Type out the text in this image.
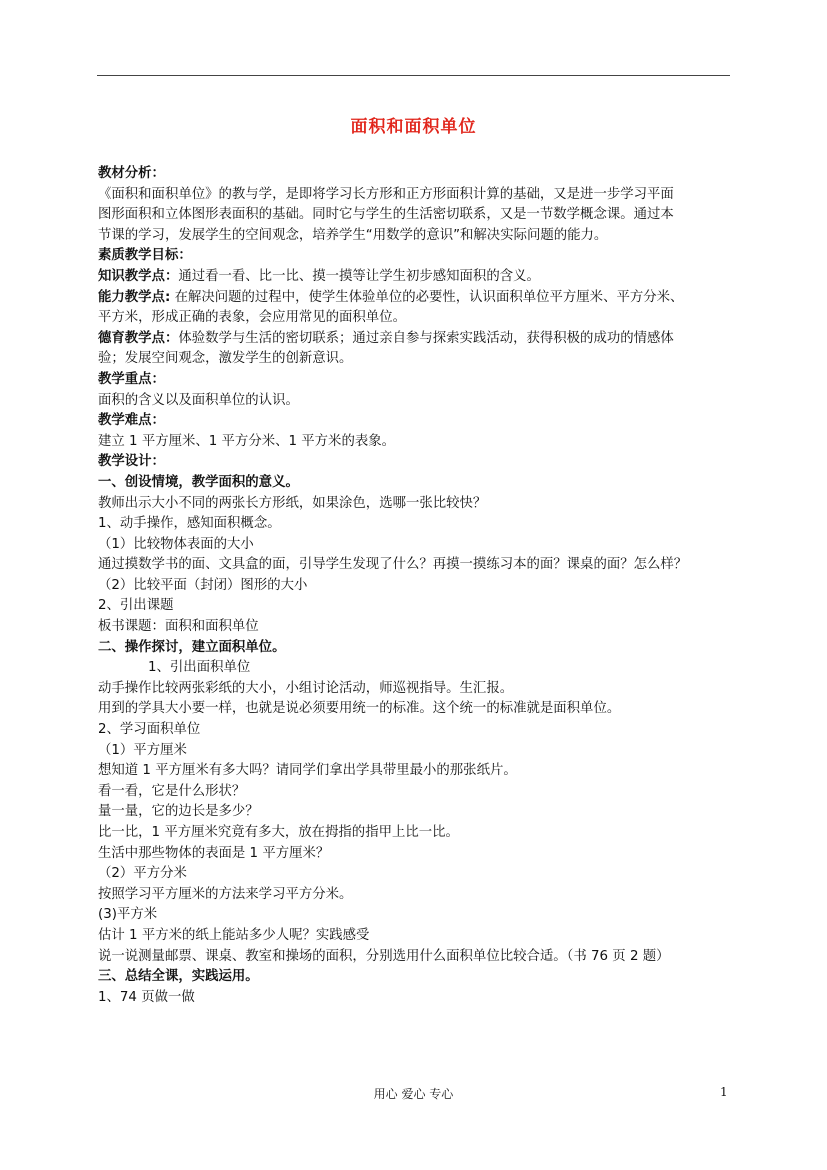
面积和面积单位
教材分析：
《面积和面积单位》的教与学，是即将学习长方形和正方形面积计算的基础，又是进一步学习平面
图形面积和立体图形表面积的基础。同时它与学生的生活密切联系，又是一节数学概念课。通过本
节课的学习，发展学生的空间观念，培养学生“用数学的意识”和解决实际问题的能力。
素质教学目标：
知识教学点：通过看一看、比一比、摸一摸等让学生初步感知面积的含义。
能力教学点: 在解决问题的过程中，使学生体验单位的必要性，认识面积单位平方厘米、平方分米、
平方米，形成正确的表象，会应用常见的面积单位。
德育教学点：体验数学与生活的密切联系；通过亲自参与探索实践活动，获得积极的成功的情感体
验；发展空间观念，激发学生的创新意识。
教学重点：
面积的含义以及面积单位的认识。
教学难点：
建立 1 平方厘米、1 平方分米、1 平方米的表象。
教学设计：
一、创设情境，教学面积的意义。
教师出示大小不同的两张长方形纸，如果涂色，选哪一张比较快？
1、动手操作，感知面积概念。
（1）比较物体表面的大小
通过摸数学书的面、文具盒的面，引导学生发现了什么？再摸一摸练习本的面？课桌的面？怎么样？
（2）比较平面（封闭）图形的大小
2、引出课题
板书课题：面积和面积单位
二、操作探讨，建立面积单位。
1、引出面积单位
动手操作比较两张彩纸的大小，小组讨论活动，师巡视指导。生汇报。
用到的学具大小要一样，也就是说必须要用统一的标准。这个统一的标准就是面积单位。
2、学习面积单位
（1）平方厘米
想知道 1 平方厘米有多大吗？请同学们拿出学具带里最小的那张纸片。
看一看，它是什么形状？
量一量，它的边长是多少？
比一比，1 平方厘米究竟有多大，放在拇指的指甲上比一比。
生活中那些物体的表面是 1 平方厘米？
（2）平方分米
按照学习平方厘米的方法来学习平方分米。
(3)平方米
估计 1 平方米的纸上能站多少人呢？实践感受
说一说测量邮票、课桌、教室和操场的面积，分别选用什么面积单位比较合适。（书 76 页 2 题）
三、总结全课，实践运用。
1、74 页做一做
用心 爱心 专心	1
